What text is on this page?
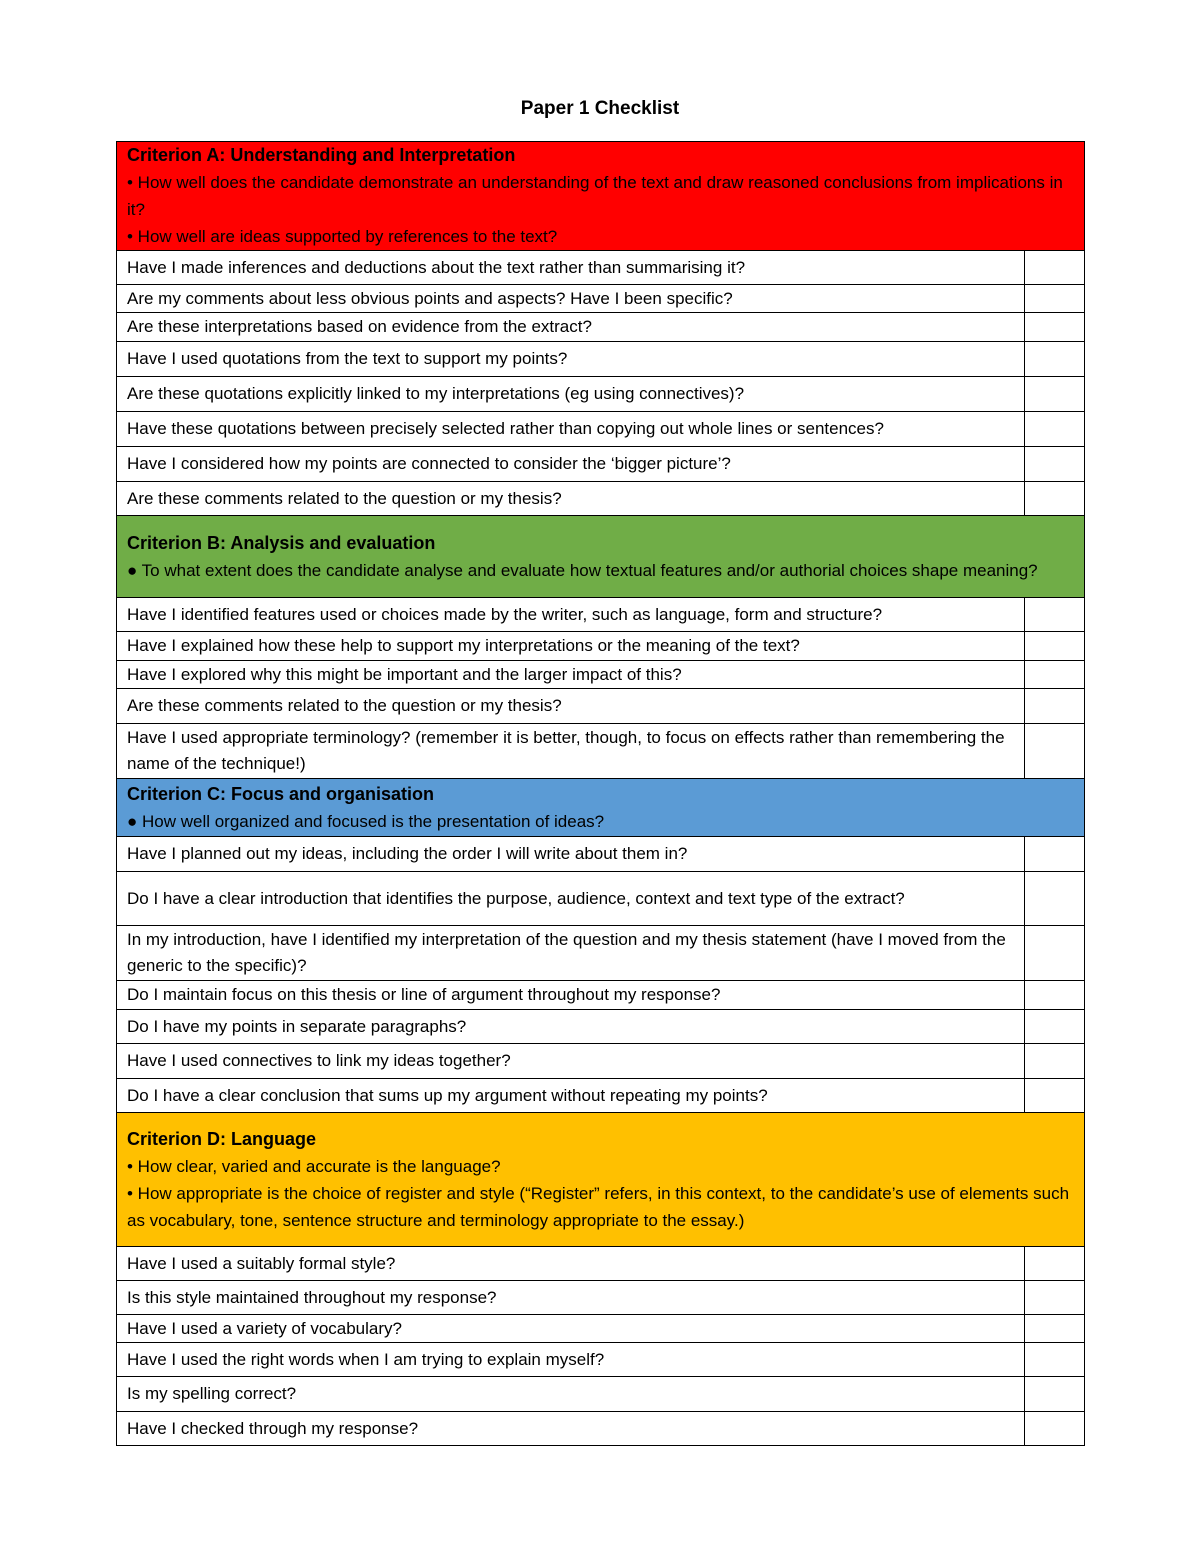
Paper 1 Checklist
Criterion A: Understanding and Interpretation
• How well does the candidate demonstrate an understanding of the text and draw reasoned conclusions from implications in it?
• How well are ideas supported by references to the text?	

Have I made inferences and deductions about the text rather than summarising it?	
Are my comments about less obvious points and aspects? Have I been specific?	
Are these interpretations based on evidence from the extract?	
Have I used quotations from the text to support my points?	
Are these quotations explicitly linked to my interpretations (eg using connectives)?	
Have these quotations between precisely selected rather than copying out whole lines or sentences?	
Have I considered how my points are connected to consider the ‘bigger picture’?	
Are these comments related to the question or my thesis?	

Criterion B: Analysis and evaluation
● To what extent does the candidate analyse and evaluate how textual features and/or authorial choices shape meaning?	

Have I identified features used or choices made by the writer, such as language, form and structure?	
Have I explained how these help to support my interpretations or the meaning of the text?	
Have I explored why this might be important and the larger impact of this?	
Are these comments related to the question or my thesis?	
Have I used appropriate terminology? (remember it is better, though, to focus on effects rather than remembering the name of the technique!)	

Criterion C: Focus and organisation
● How well organized and focused is the presentation of ideas?	

Have I planned out my ideas, including the order I will write about them in?	
Do I have a clear introduction that identifies the purpose, audience, context and text type of the extract?	
In my introduction, have I identified my interpretation of the question and my thesis statement (have I moved from the generic to the specific)?	
Do I maintain focus on this thesis or line of argument throughout my response?	
Do I have my points in separate paragraphs?	
Have I used connectives to link my ideas together?	
Do I have a clear conclusion that sums up my argument without repeating my points?	

Criterion D: Language
• How clear, varied and accurate is the language?
• How appropriate is the choice of register and style (“Register” refers, in this context, to the candidate’s use of elements such as vocabulary, tone, sentence structure and terminology appropriate to the essay.)	

Have I used a suitably formal style?	
Is this style maintained throughout my response?	
Have I used a variety of vocabulary?	
Have I used the right words when I am trying to explain myself?	
Is my spelling correct?	
Have I checked through my response?	
